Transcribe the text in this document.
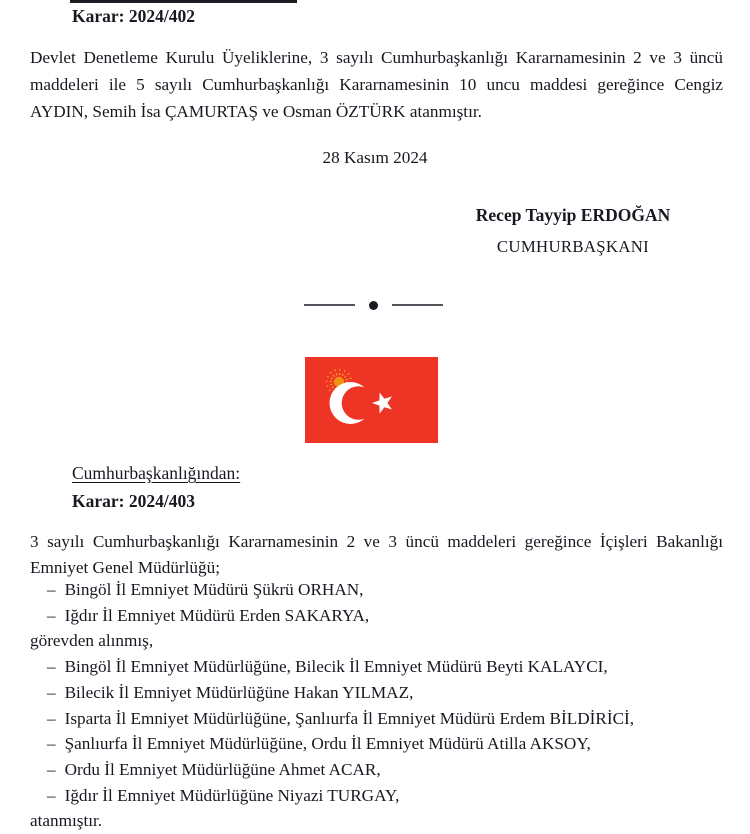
Karar: 2024/402
Devlet Denetleme Kurulu Üyeliklerine, 3 sayılı Cumhurbaşkanlığı Kararnamesinin 2 ve 3 üncü maddeleri ile 5 sayılı Cumhurbaşkanlığı Kararnamesinin 10 uncu maddesi gereğince Cengiz AYDIN, Semih İsa ÇAMURTAŞ ve Osman ÖZTÜRK atanmıştır.
28 Kasım 2024
Recep Tayyip ERDOĞAN
CUMHURBAŞKANI
Cumhurbaşkanlığından:
Karar: 2024/403
3 sayılı Cumhurbaşkanlığı Kararnamesinin 2 ve 3 üncü maddeleri gereğince İçişleri Bakanlığı Emniyet Genel Müdürlüğü;
– Bingöl İl Emniyet Müdürü Şükrü ORHAN,
– Iğdır İl Emniyet Müdürü Erden SAKARYA,
görevden alınmış,
– Bingöl İl Emniyet Müdürlüğüne, Bilecik İl Emniyet Müdürü Beyti KALAYCI,
– Bilecik İl Emniyet Müdürlüğüne Hakan YILMAZ,
– Isparta İl Emniyet Müdürlüğüne, Şanlıurfa İl Emniyet Müdürü Erdem BİLDİRİCİ,
– Şanlıurfa İl Emniyet Müdürlüğüne, Ordu İl Emniyet Müdürü Atilla AKSOY,
– Ordu İl Emniyet Müdürlüğüne Ahmet ACAR,
– Iğdır İl Emniyet Müdürlüğüne Niyazi TURGAY,
atanmıştır.
